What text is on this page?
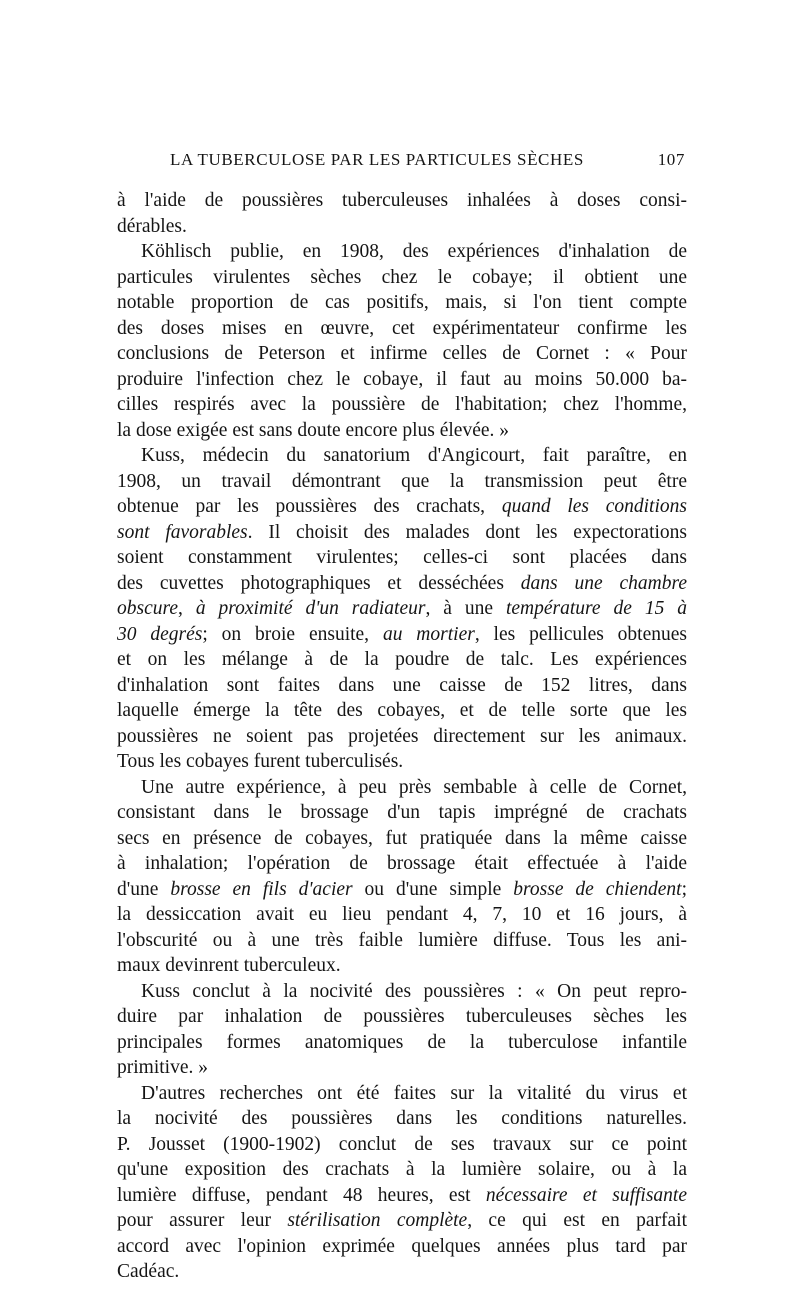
LA TUBERCULOSE PAR LES PARTICULES SÈCHES	107

à l'aide de poussières tuberculeuses inhalées à doses consi-

dérables.

Köhlisch publie, en 1908, des expériences d'inhalation de

particules virulentes sèches chez le cobaye; il obtient une

notable proportion de cas positifs, mais, si l'on tient compte

des doses mises en œuvre, cet expérimentateur confirme les

conclusions de Peterson et infirme celles de Cornet : « Pour

produire l'infection chez le cobaye, il faut au moins 50.000 ba-

cilles respirés avec la poussière de l'habitation; chez l'homme,

la dose exigée est sans doute encore plus élevée. »

Kuss, médecin du sanatorium d'Angicourt, fait paraître, en

1908, un travail démontrant que la transmission peut être

obtenue par les poussières des crachats, quand les conditions

sont favorables. Il choisit des malades dont les expectorations

soient constamment virulentes; celles-ci sont placées dans

des cuvettes photographiques et desséchées dans une chambre

obscure, à proximité d'un radiateur, à une température de 15 à

30 degrés; on broie ensuite, au mortier, les pellicules obtenues

et on les mélange à de la poudre de talc. Les expériences

d'inhalation sont faites dans une caisse de 152 litres, dans

laquelle émerge la tête des cobayes, et de telle sorte que les

poussières ne soient pas projetées directement sur les animaux.

Tous les cobayes furent tuberculisés.

Une autre expérience, à peu près sembable à celle de Cornet,

consistant dans le brossage d'un tapis imprégné de crachats

secs en présence de cobayes, fut pratiquée dans la même caisse

à inhalation; l'opération de brossage était effectuée à l'aide

d'une brosse en fils d'acier ou d'une simple brosse de chiendent;

la dessiccation avait eu lieu pendant 4, 7, 10 et 16 jours, à

l'obscurité ou à une très faible lumière diffuse. Tous les ani-

maux devinrent tuberculeux.

Kuss conclut à la nocivité des poussières : « On peut repro-

duire par inhalation de poussières tuberculeuses sèches les

principales formes anatomiques de la tuberculose infantile

primitive. »

D'autres recherches ont été faites sur la vitalité du virus et

la nocivité des poussières dans les conditions naturelles.

P. Jousset (1900-1902) conclut de ses travaux sur ce point

qu'une exposition des crachats à la lumière solaire, ou à la

lumière diffuse, pendant 48 heures, est nécessaire et suffisante

pour assurer leur stérilisation complète, ce qui est en parfait

accord avec l'opinion exprimée quelques années plus tard par

Cadéac.
